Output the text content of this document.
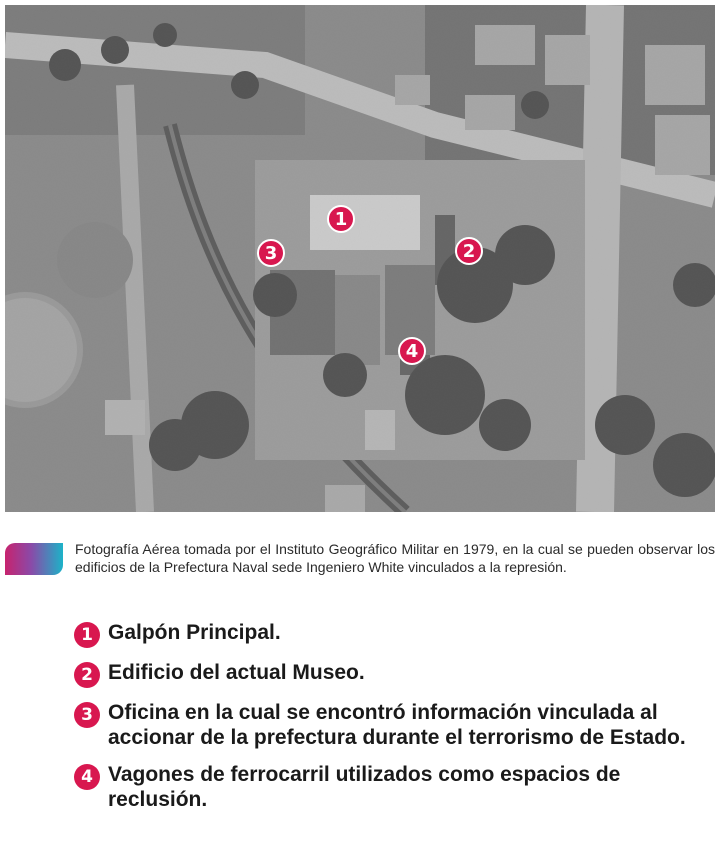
1
2
3
4
Fotografía Aérea tomada por el Instituto Geográfico Militar en 1979, en la cual se pueden observar los edificios de la Prefectura Naval sede Ingeniero White vinculados a la represión.
1 Galpón Principal.
2 Edificio del actual Museo.
3 Oficina en la cual se encontró información vinculada al accionar de la prefectura durante el terrorismo de Estado.
4 Vagones de ferrocarril utilizados como espacios de reclusión.
